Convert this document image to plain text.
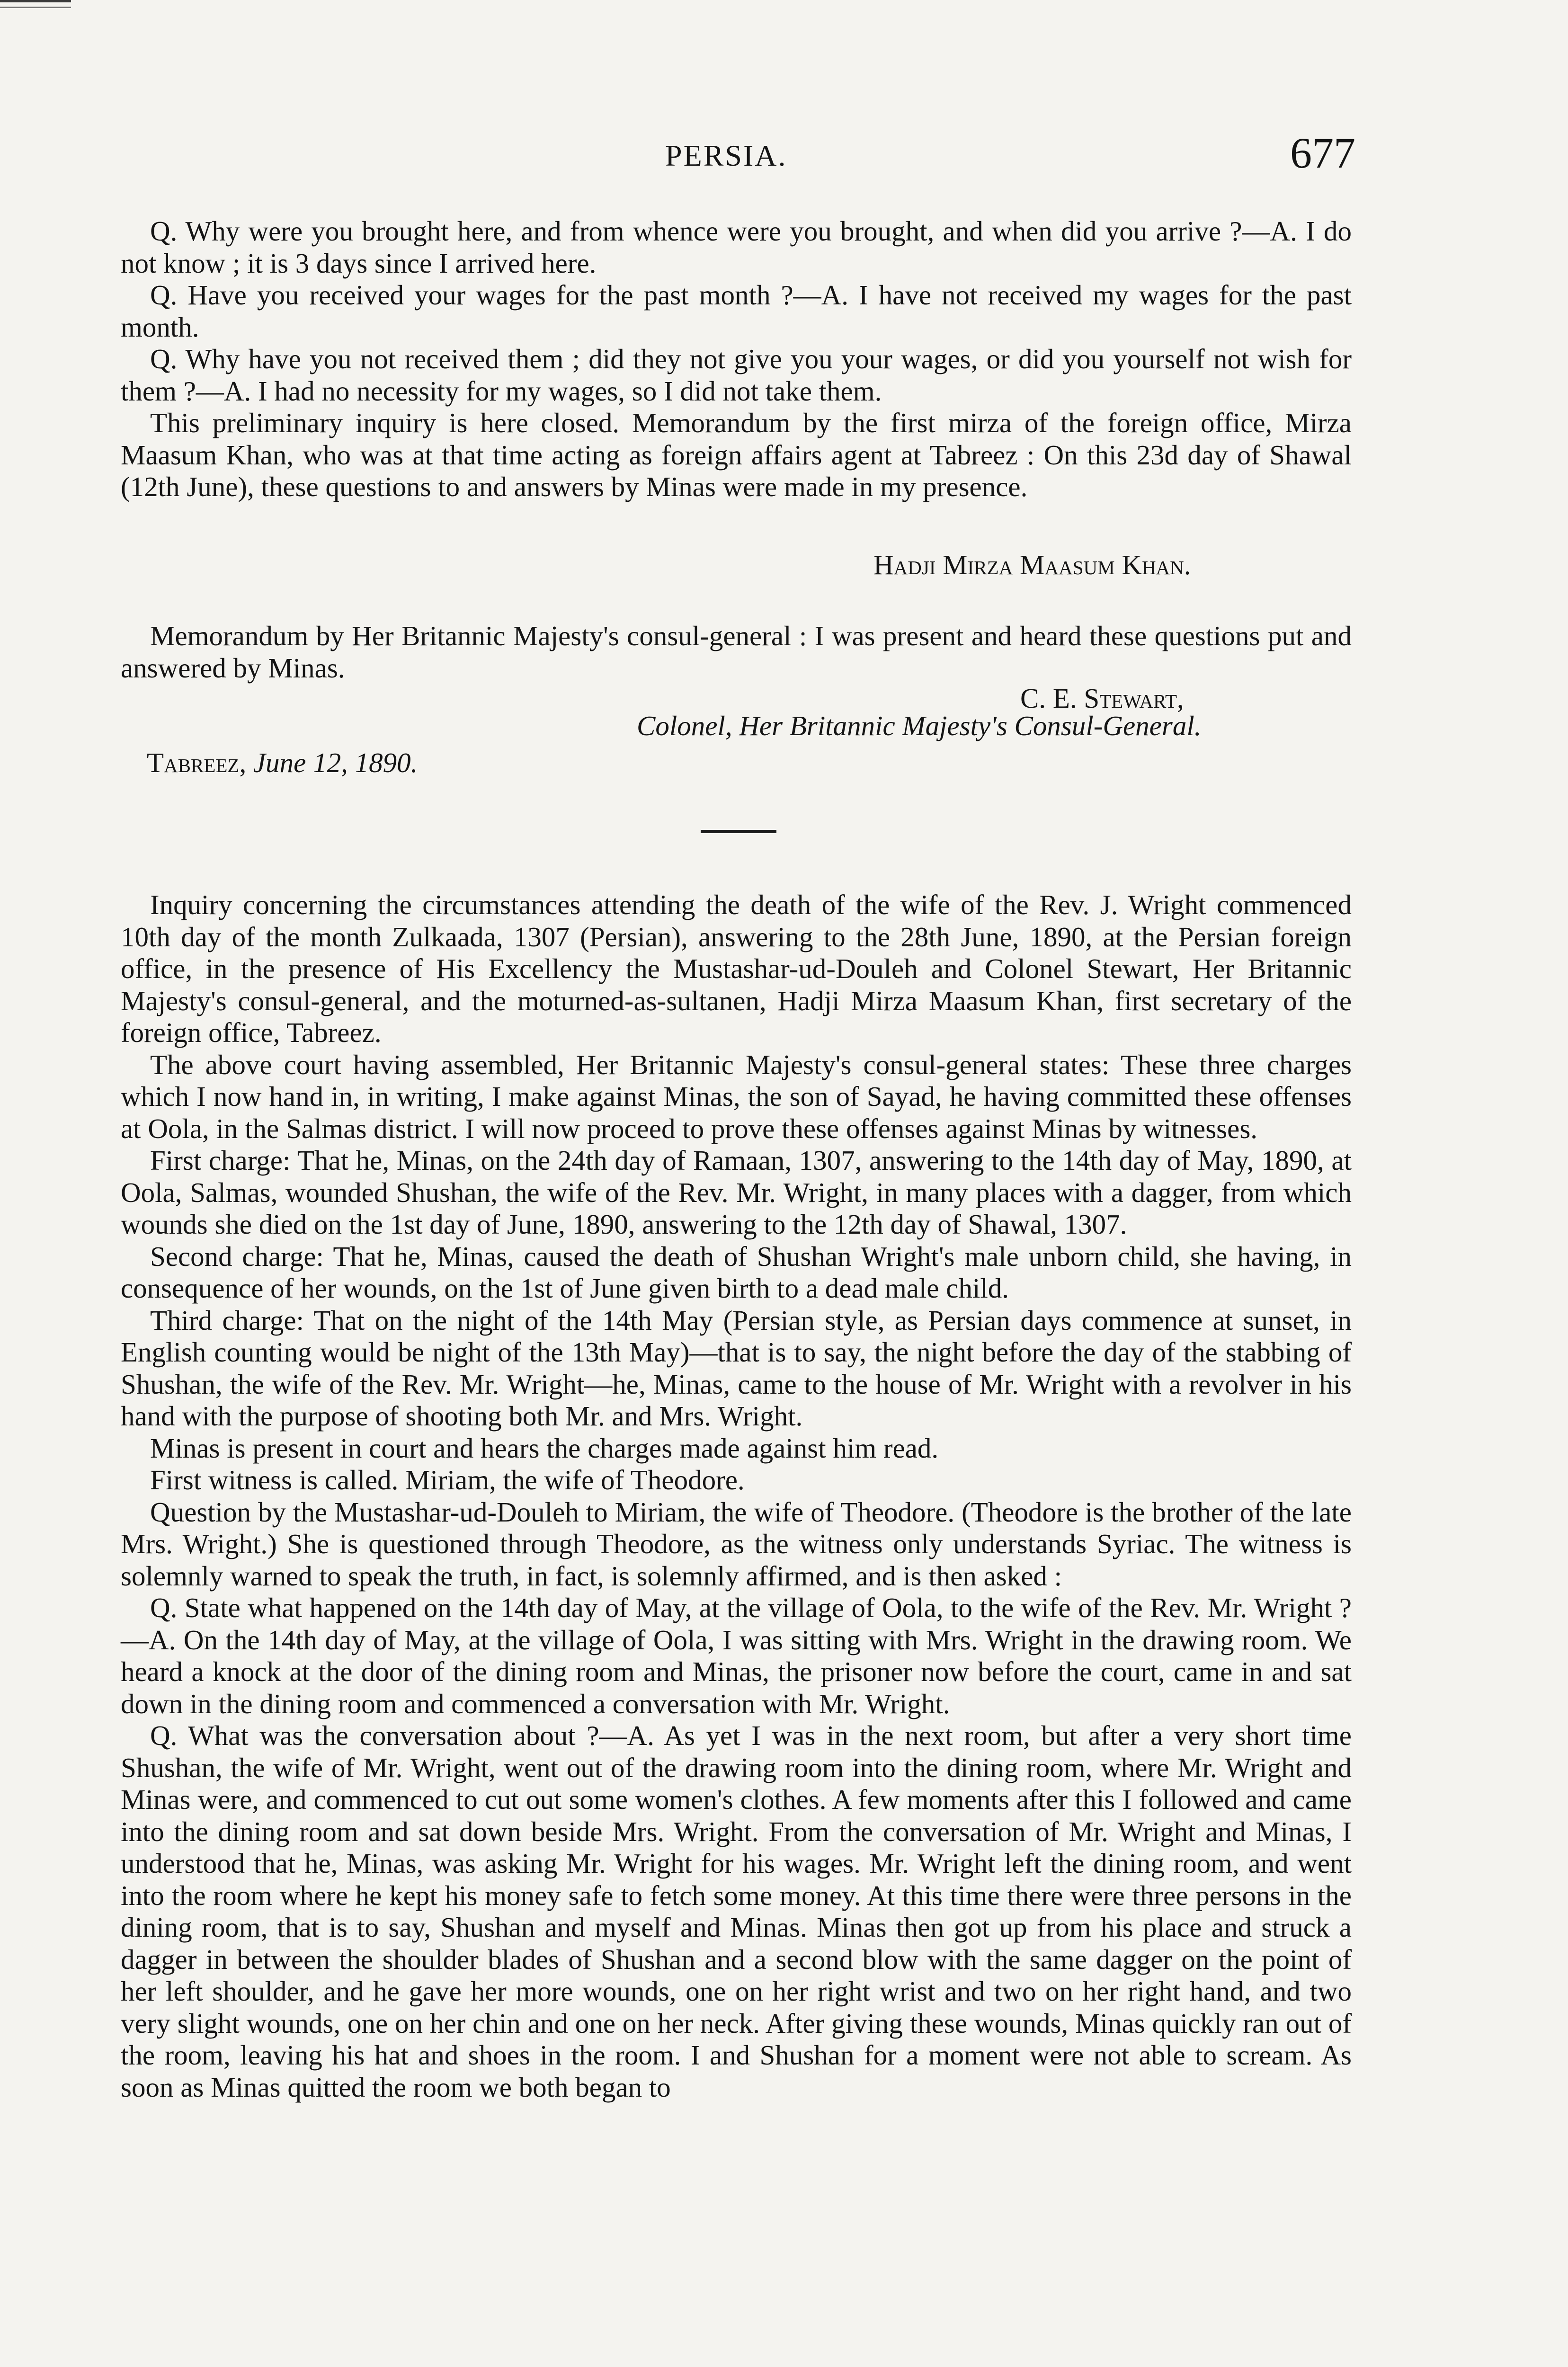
PERSIA.	677

Q. Why were you brought here, and from whence were you brought, and when did you arrive ?—A. I do not know ; it is 3 days since I arrived here.

Q. Have you received your wages for the past month ?—A. I have not received my wages for the past month.

Q. Why have you not received them ; did they not give you your wages, or did you yourself not wish for them ?—A. I had no necessity for my wages, so I did not take them.

This preliminary inquiry is here closed. Memorandum by the first mirza of the foreign office, Mirza Maasum Khan, who was at that time acting as foreign affairs agent at Tabreez : On this 23d day of Shawal (12th June), these questions to and answers by Minas were made in my presence.

Hadji Mirza Maasum Khan.

Memorandum by Her Britannic Majesty's consul-general : I was present and heard these questions put and answered by Minas.

C. E. Stewart,
Colonel, Her Britannic Majesty's Consul-General.
Tabreez, June 12, 1890.

Inquiry concerning the circumstances attending the death of the wife of the Rev. J. Wright commenced 10th day of the month Zulkaada, 1307 (Persian), answering to the 28th June, 1890, at the Persian foreign office, in the presence of His Excellency the Mustashar-ud-Douleh and Colonel Stewart, Her Britannic Majesty's consul-general, and the moturned-as-sultanen, Hadji Mirza Maasum Khan, first secretary of the foreign office, Tabreez.

The above court having assembled, Her Britannic Majesty's consul-general states: These three charges which I now hand in, in writing, I make against Minas, the son of Sayad, he having committed these offenses at Oola, in the Salmas district. I will now proceed to prove these offenses against Minas by witnesses.

First charge: That he, Minas, on the 24th day of Ramaan, 1307, answering to the 14th day of May, 1890, at Oola, Salmas, wounded Shushan, the wife of the Rev. Mr. Wright, in many places with a dagger, from which wounds she died on the 1st day of June, 1890, answering to the 12th day of Shawal, 1307.

Second charge: That he, Minas, caused the death of Shushan Wright's male unborn child, she having, in consequence of her wounds, on the 1st of June given birth to a dead male child.

Third charge: That on the night of the 14th May (Persian style, as Persian days commence at sunset, in English counting would be night of the 13th May)—that is to say, the night before the day of the stabbing of Shushan, the wife of the Rev. Mr. Wright—he, Minas, came to the house of Mr. Wright with a revolver in his hand with the purpose of shooting both Mr. and Mrs. Wright.

Minas is present in court and hears the charges made against him read.

First witness is called. Miriam, the wife of Theodore.

Question by the Mustashar-ud-Douleh to Miriam, the wife of Theodore. (Theodore is the brother of the late Mrs. Wright.) She is questioned through Theodore, as the witness only understands Syriac. The witness is solemnly warned to speak the truth, in fact, is solemnly affirmed, and is then asked :

Q. State what happened on the 14th day of May, at the village of Oola, to the wife of the Rev. Mr. Wright ?—A. On the 14th day of May, at the village of Oola, I was sitting with Mrs. Wright in the drawing room. We heard a knock at the door of the dining room and Minas, the prisoner now before the court, came in and sat down in the dining room and commenced a conversation with Mr. Wright.

Q. What was the conversation about ?—A. As yet I was in the next room, but after a very short time Shushan, the wife of Mr. Wright, went out of the drawing room into the dining room, where Mr. Wright and Minas were, and commenced to cut out some women's clothes. A few moments after this I followed and came into the dining room and sat down beside Mrs. Wright. From the conversation of Mr. Wright and Minas, I understood that he, Minas, was asking Mr. Wright for his wages. Mr. Wright left the dining room, and went into the room where he kept his money safe to fetch some money. At this time there were three persons in the dining room, that is to say, Shushan and myself and Minas. Minas then got up from his place and struck a dagger in between the shoulder blades of Shushan and a second blow with the same dagger on the point of her left shoulder, and he gave her more wounds, one on her right wrist and two on her right hand, and two very slight wounds, one on her chin and one on her neck. After giving these wounds, Minas quickly ran out of the room, leaving his hat and shoes in the room. I and Shushan for a moment were not able to scream. As soon as Minas quitted the room we both began to
